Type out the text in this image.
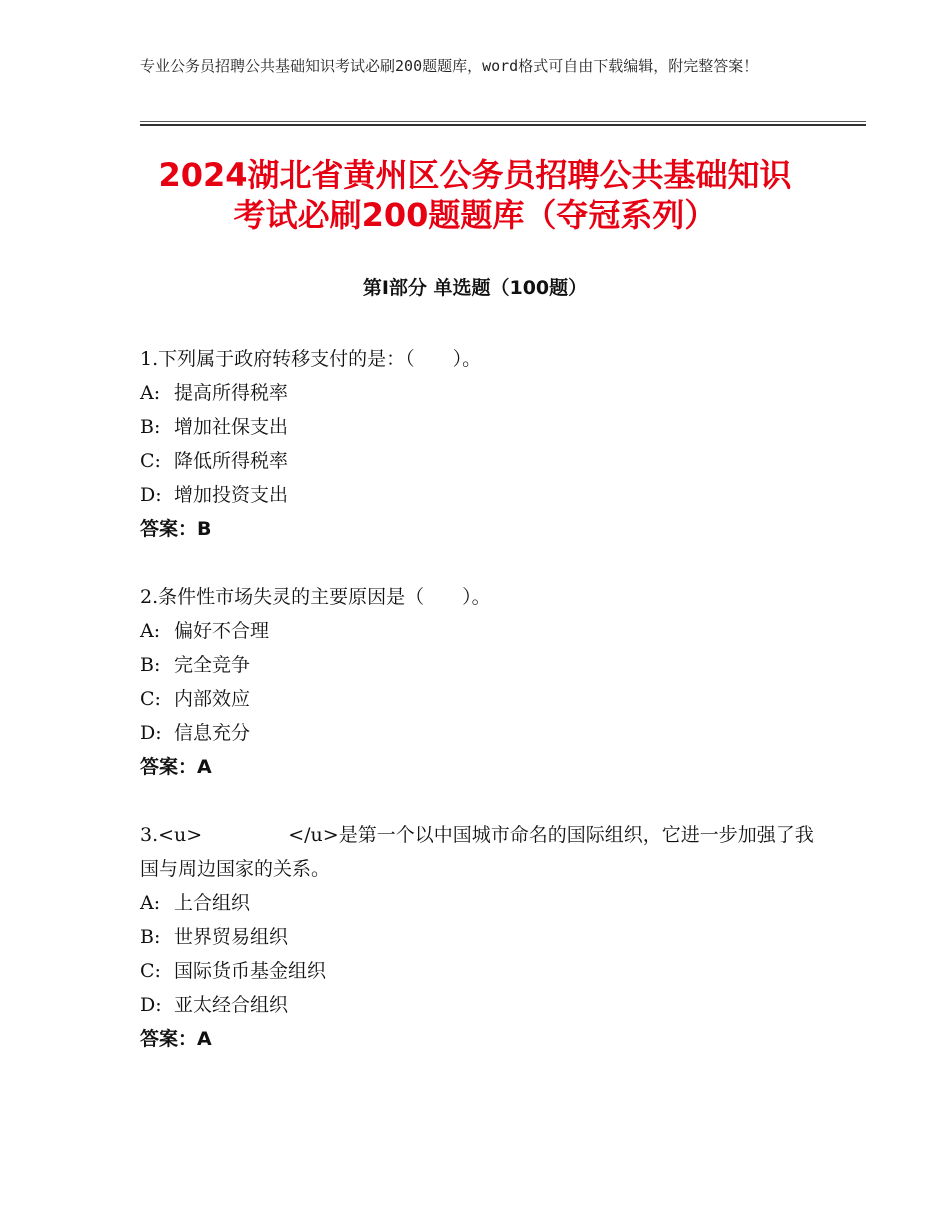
专业公务员招聘公共基础知识考试必刷200题题库，word格式可自由下载编辑，附完整答案！
2024湖北省黄州区公务员招聘公共基础知识
考试必刷200题题库（夺冠系列）
第I部分 单选题（100题）

1.下列属于政府转移支付的是：（　　）。

A: 提高所得税率
B: 增加社保支出
C: 降低所得税率
D: 增加投资支出
答案：B

2.条件性市场失灵的主要原因是（　　）。

A: 偏好不合理
B: 完全竞争
C: 内部效应
D: 信息充分
答案：A

3.<u>	</u>是第一个以中国城市命名的国际组织，它进一步加强了我国与周边国家的关系。

A: 上合组织
B: 世界贸易组织
C: 国际货币基金组织
D: 亚太经合组织
答案：A
